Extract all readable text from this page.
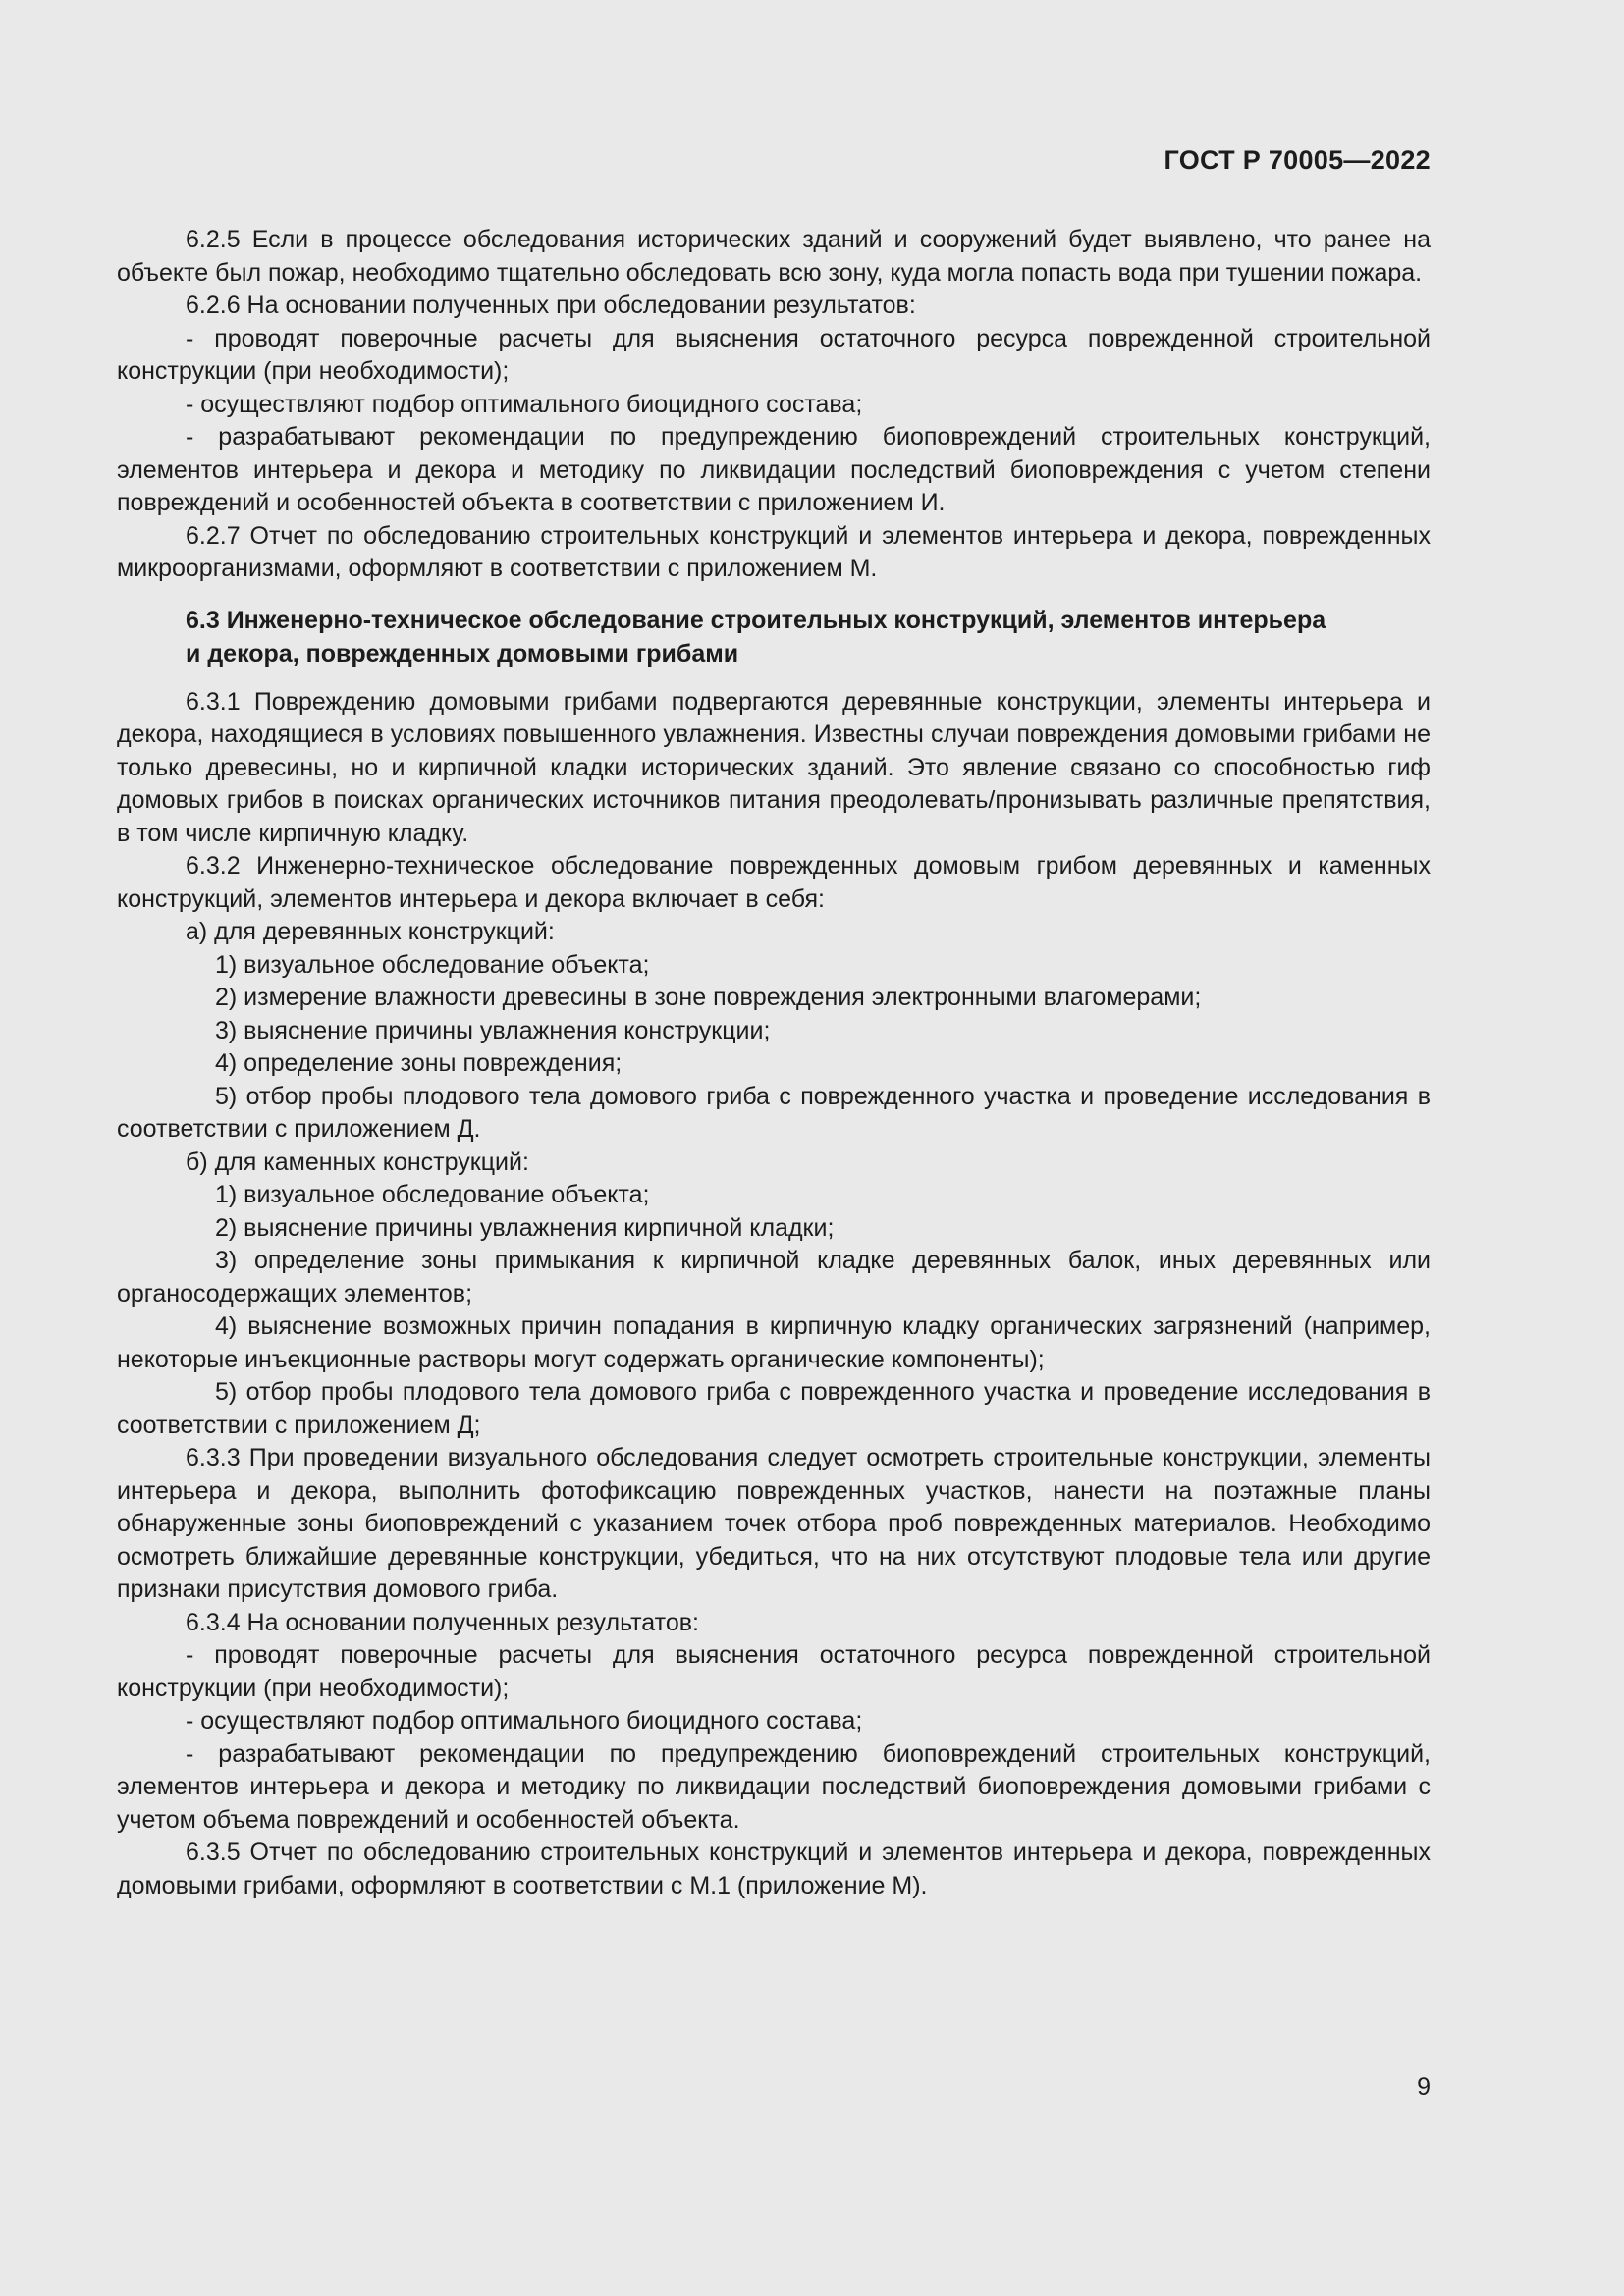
ГОСТ Р 70005—2022

6.2.5 Если в процессе обследования исторических зданий и сооружений будет выявлено, что ранее на объекте был пожар, необходимо тщательно обследовать всю зону, куда могла попасть вода при тушении пожара.

6.2.6 На основании полученных при обследовании результатов:

- проводят поверочные расчеты для выяснения остаточного ресурса поврежденной строительной конструкции (при необходимости);

- осуществляют подбор оптимального биоцидного состава;

- разрабатывают рекомендации по предупреждению биоповреждений строительных конструкций, элементов интерьера и декора и методику по ликвидации последствий биоповреждения с учетом степени повреждений и особенностей объекта в соответствии с приложением И.

6.2.7 Отчет по обследованию строительных конструкций и элементов интерьера и декора, поврежденных микроорганизмами, оформляют в соответствии с приложением М.

6.3 Инженерно-техническое обследование строительных конструкций, элементов интерьера и декора, поврежденных домовыми грибами

6.3.1 Повреждению домовыми грибами подвергаются деревянные конструкции, элементы интерьера и декора, находящиеся в условиях повышенного увлажнения. Известны случаи повреждения домовыми грибами не только древесины, но и кирпичной кладки исторических зданий. Это явление связано со способностью гиф домовых грибов в поисках органических источников питания преодолевать/пронизывать различные препятствия, в том числе кирпичную кладку.

6.3.2 Инженерно-техническое обследование поврежденных домовым грибом деревянных и каменных конструкций, элементов интерьера и декора включает в себя:

а) для деревянных конструкций:

1) визуальное обследование объекта;

2) измерение влажности древесины в зоне повреждения электронными влагомерами;

3) выяснение причины увлажнения конструкции;

4) определение зоны повреждения;

5) отбор пробы плодового тела домового гриба с поврежденного участка и проведение исследования в соответствии с приложением Д.

б) для каменных конструкций:

1) визуальное обследование объекта;

2) выяснение причины увлажнения кирпичной кладки;

3) определение зоны примыкания к кирпичной кладке деревянных балок, иных деревянных или органосодержащих элементов;

4) выяснение возможных причин попадания в кирпичную кладку органических загрязнений (например, некоторые инъекционные растворы могут содержать органические компоненты);

5) отбор пробы плодового тела домового гриба с поврежденного участка и проведение исследования в соответствии с приложением Д;

6.3.3 При проведении визуального обследования следует осмотреть строительные конструкции, элементы интерьера и декора, выполнить фотофиксацию поврежденных участков, нанести на поэтажные планы обнаруженные зоны биоповреждений с указанием точек отбора проб поврежденных материалов. Необходимо осмотреть ближайшие деревянные конструкции, убедиться, что на них отсутствуют плодовые тела или другие признаки присутствия домового гриба.

6.3.4 На основании полученных результатов:

- проводят поверочные расчеты для выяснения остаточного ресурса поврежденной строительной конструкции (при необходимости);

- осуществляют подбор оптимального биоцидного состава;

- разрабатывают рекомендации по предупреждению биоповреждений строительных конструкций, элементов интерьера и декора и методику по ликвидации последствий биоповреждения домовыми грибами с учетом объема повреждений и особенностей объекта.

6.3.5 Отчет по обследованию строительных конструкций и элементов интерьера и декора, поврежденных домовыми грибами, оформляют в соответствии с М.1 (приложение М).

9
